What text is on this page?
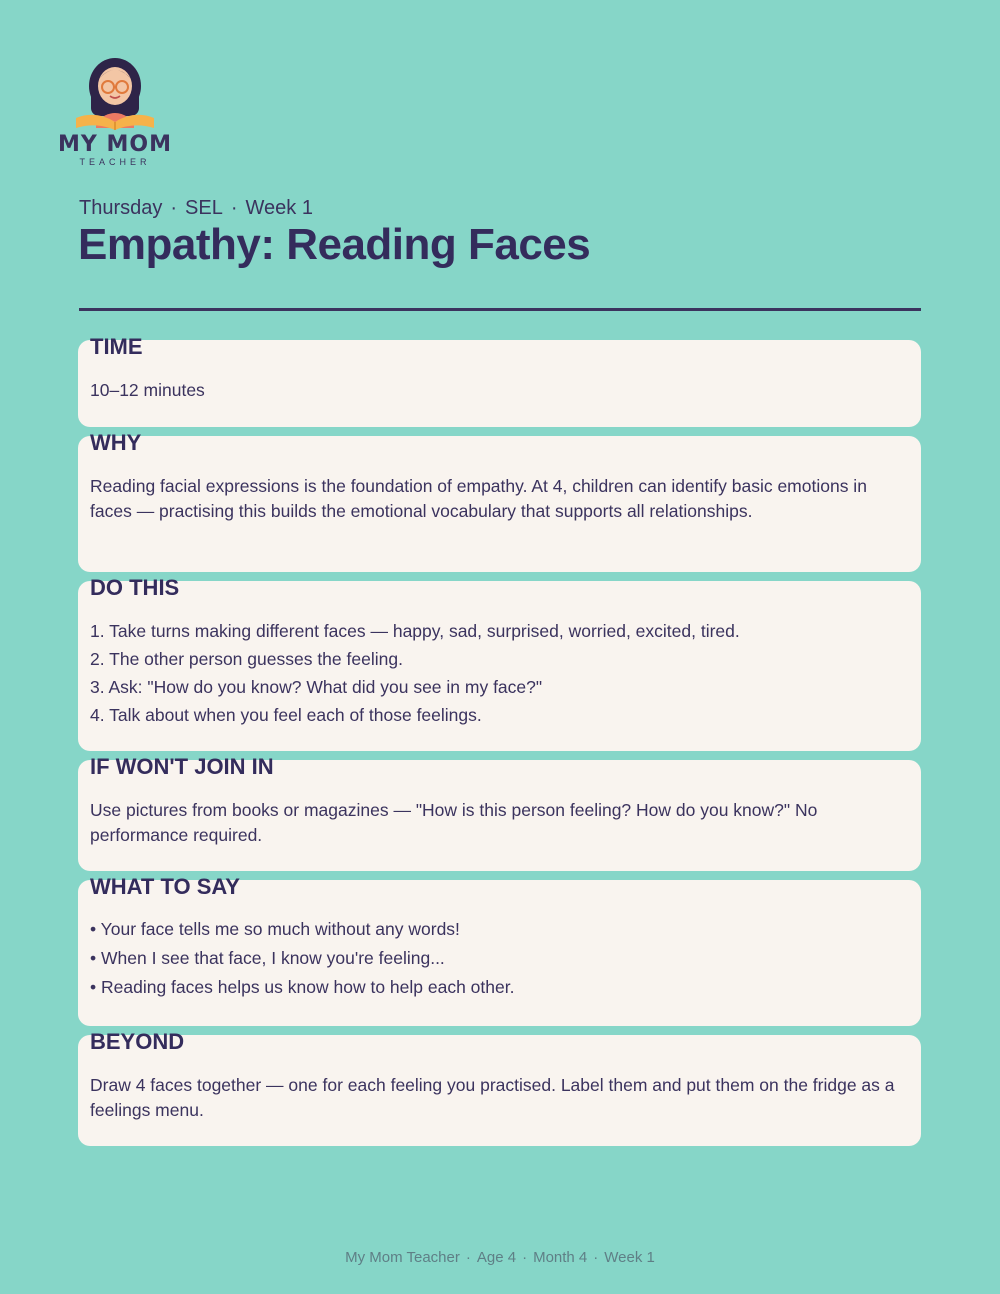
MY MOM
TEACHER
Thursday · SEL · Week 1
Empathy: Reading Faces
TIME
10–12 minutes
WHY
Reading facial expressions is the foundation of empathy. At 4, children can identify basic emotions in faces — practising this builds the emotional vocabulary that supports all relationships.
DO THIS
1. Take turns making different faces — happy, sad, surprised, worried, excited, tired.
2. The other person guesses the feeling.
3. Ask: "How do you know? What did you see in my face?"
4. Talk about when you feel each of those feelings.
IF WON'T JOIN IN
Use pictures from books or magazines — "How is this person feeling? How do you know?" No performance required.
WHAT TO SAY
• Your face tells me so much without any words!
• When I see that face, I know you're feeling...
• Reading faces helps us know how to help each other.
BEYOND
Draw 4 faces together — one for each feeling you practised. Label them and put them on the fridge as a feelings menu.
My Mom Teacher · Age 4 · Month 4 · Week 1
